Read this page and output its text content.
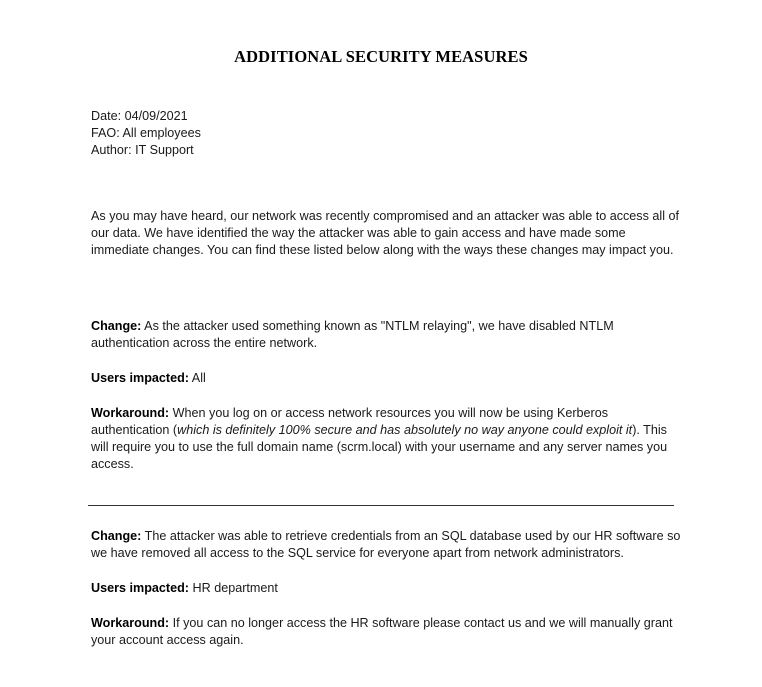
ADDITIONAL SECURITY MEASURES

Date: 04/09/2021

FAO: All employees

Author: IT Support

As you may have heard, our network was recently compromised and an attacker was able to access all of our data. We have identified the way the attacker was able to gain access and have made some immediate changes. You can find these listed below along with the ways these changes may impact you.

Change: As the attacker used something known as "NTLM relaying", we have disabled NTLM authentication across the entire network.

Users impacted: All

Workaround: When you log on or access network resources you will now be using Kerberos authentication (which is definitely 100% secure and has absolutely no way anyone could exploit it). This will require you to use the full domain name (scrm.local) with your username and any server names you access.

Change: The attacker was able to retrieve credentials from an SQL database used by our HR software so we have removed all access to the SQL service for everyone apart from network administrators.

Users impacted: HR department

Workaround: If you can no longer access the HR software please contact us and we will manually grant your account access again.
